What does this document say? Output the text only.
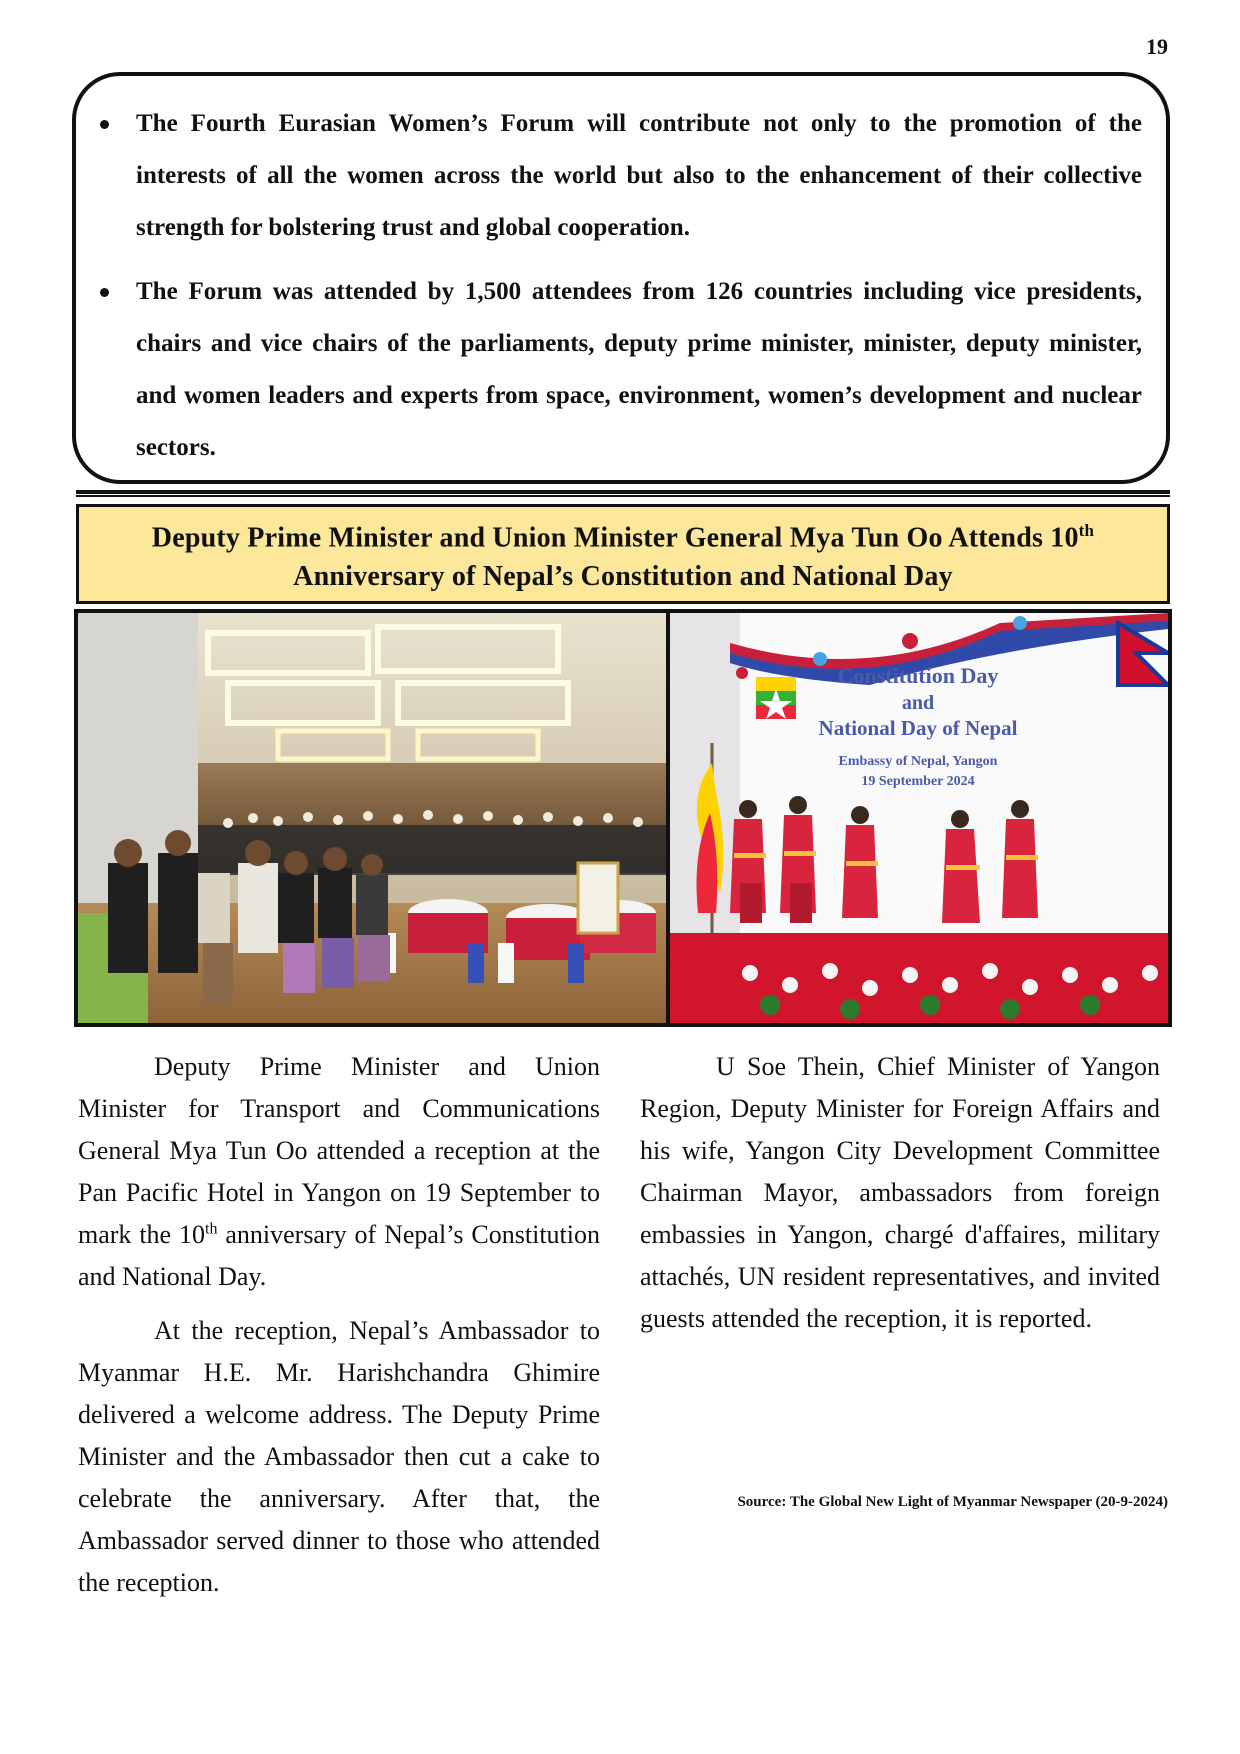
19
The Fourth Eurasian Women’s Forum will contribute not only to the promotion of the interests of all the women across the world but also to the enhancement of their collective strength for bolstering trust and global cooperation.
The Forum was attended by 1,500 attendees from 126 countries including vice presidents, chairs and vice chairs of the parliaments, deputy prime minister, minister, deputy minister, and women leaders and experts from space, environment, women’s development and nuclear sectors.
Deputy Prime Minister and Union Minister General Mya Tun Oo Attends 10th
Anniversary of Nepal’s Constitution and National Day
Constitution Day
and
National Day of Nepal
Embassy of Nepal, Yangon
19 September 2024

Deputy Prime Minister and Union Minister for Transport and Communications General Mya Tun Oo attended a reception at the Pan Pacific Hotel in Yangon on 19 September to mark the 10th anniversary of Nepal’s Constitution and National Day.

At the reception, Nepal’s Ambassador to Myanmar H.E. Mr. Harishchandra Ghimire delivered a welcome address. The Deputy Prime Minister and the Ambassador then cut a cake to celebrate the anniversary. After that, the Ambassador served dinner to those who attended the reception.

U Soe Thein, Chief Minister of Yangon Region, Deputy Minister for Foreign Affairs and his wife, Yangon City Development Committee Chairman Mayor, ambassadors from foreign embassies in Yangon, chargé d'affaires, military attachés, UN resident representatives, and invited guests attended the reception, it is reported.

Source: The Global New Light of Myanmar Newspaper (20-9-2024)
